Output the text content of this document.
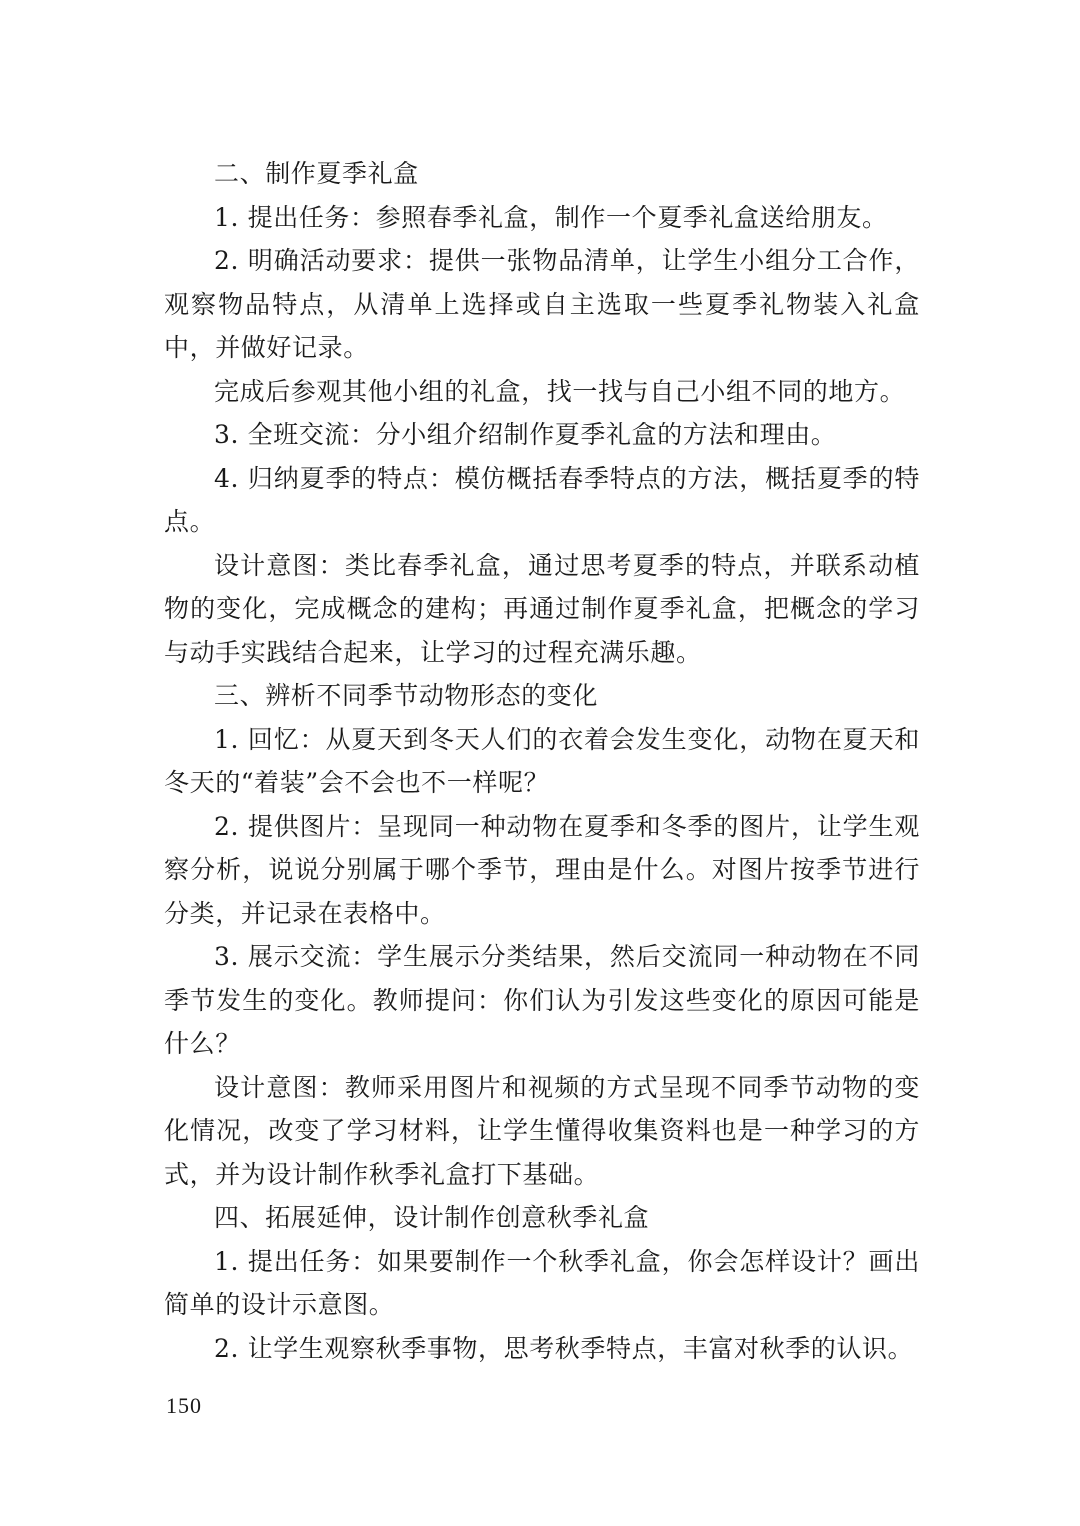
二、制作夏季礼盒

1. 提出任务：参照春季礼盒，制作一个夏季礼盒送给朋友。

2. 明确活动要求：提供一张物品清单，让学生小组分工合作，观察物品特点，从清单上选择或自主选取一些夏季礼物装入礼盒中，并做好记录。

完成后参观其他小组的礼盒，找一找与自己小组不同的地方。

3. 全班交流：分小组介绍制作夏季礼盒的方法和理由。

4. 归纳夏季的特点：模仿概括春季特点的方法，概括夏季的特点。

设计意图：类比春季礼盒，通过思考夏季的特点，并联系动植物的变化，完成概念的建构；再通过制作夏季礼盒，把概念的学习与动手实践结合起来，让学习的过程充满乐趣。

三、辨析不同季节动物形态的变化

1. 回忆：从夏天到冬天人们的衣着会发生变化，动物在夏天和冬天的“着装”会不会也不一样呢？

2. 提供图片：呈现同一种动物在夏季和冬季的图片，让学生观察分析，说说分别属于哪个季节，理由是什么。对图片按季节进行分类，并记录在表格中。

3. 展示交流：学生展示分类结果，然后交流同一种动物在不同季节发生的变化。教师提问：你们认为引发这些变化的原因可能是什么？

设计意图：教师采用图片和视频的方式呈现不同季节动物的变化情况，改变了学习材料，让学生懂得收集资料也是一种学习的方式，并为设计制作秋季礼盒打下基础。

四、拓展延伸，设计制作创意秋季礼盒

1. 提出任务：如果要制作一个秋季礼盒，你会怎样设计？画出简单的设计示意图。

2. 让学生观察秋季事物，思考秋季特点，丰富对秋季的认识。

150
